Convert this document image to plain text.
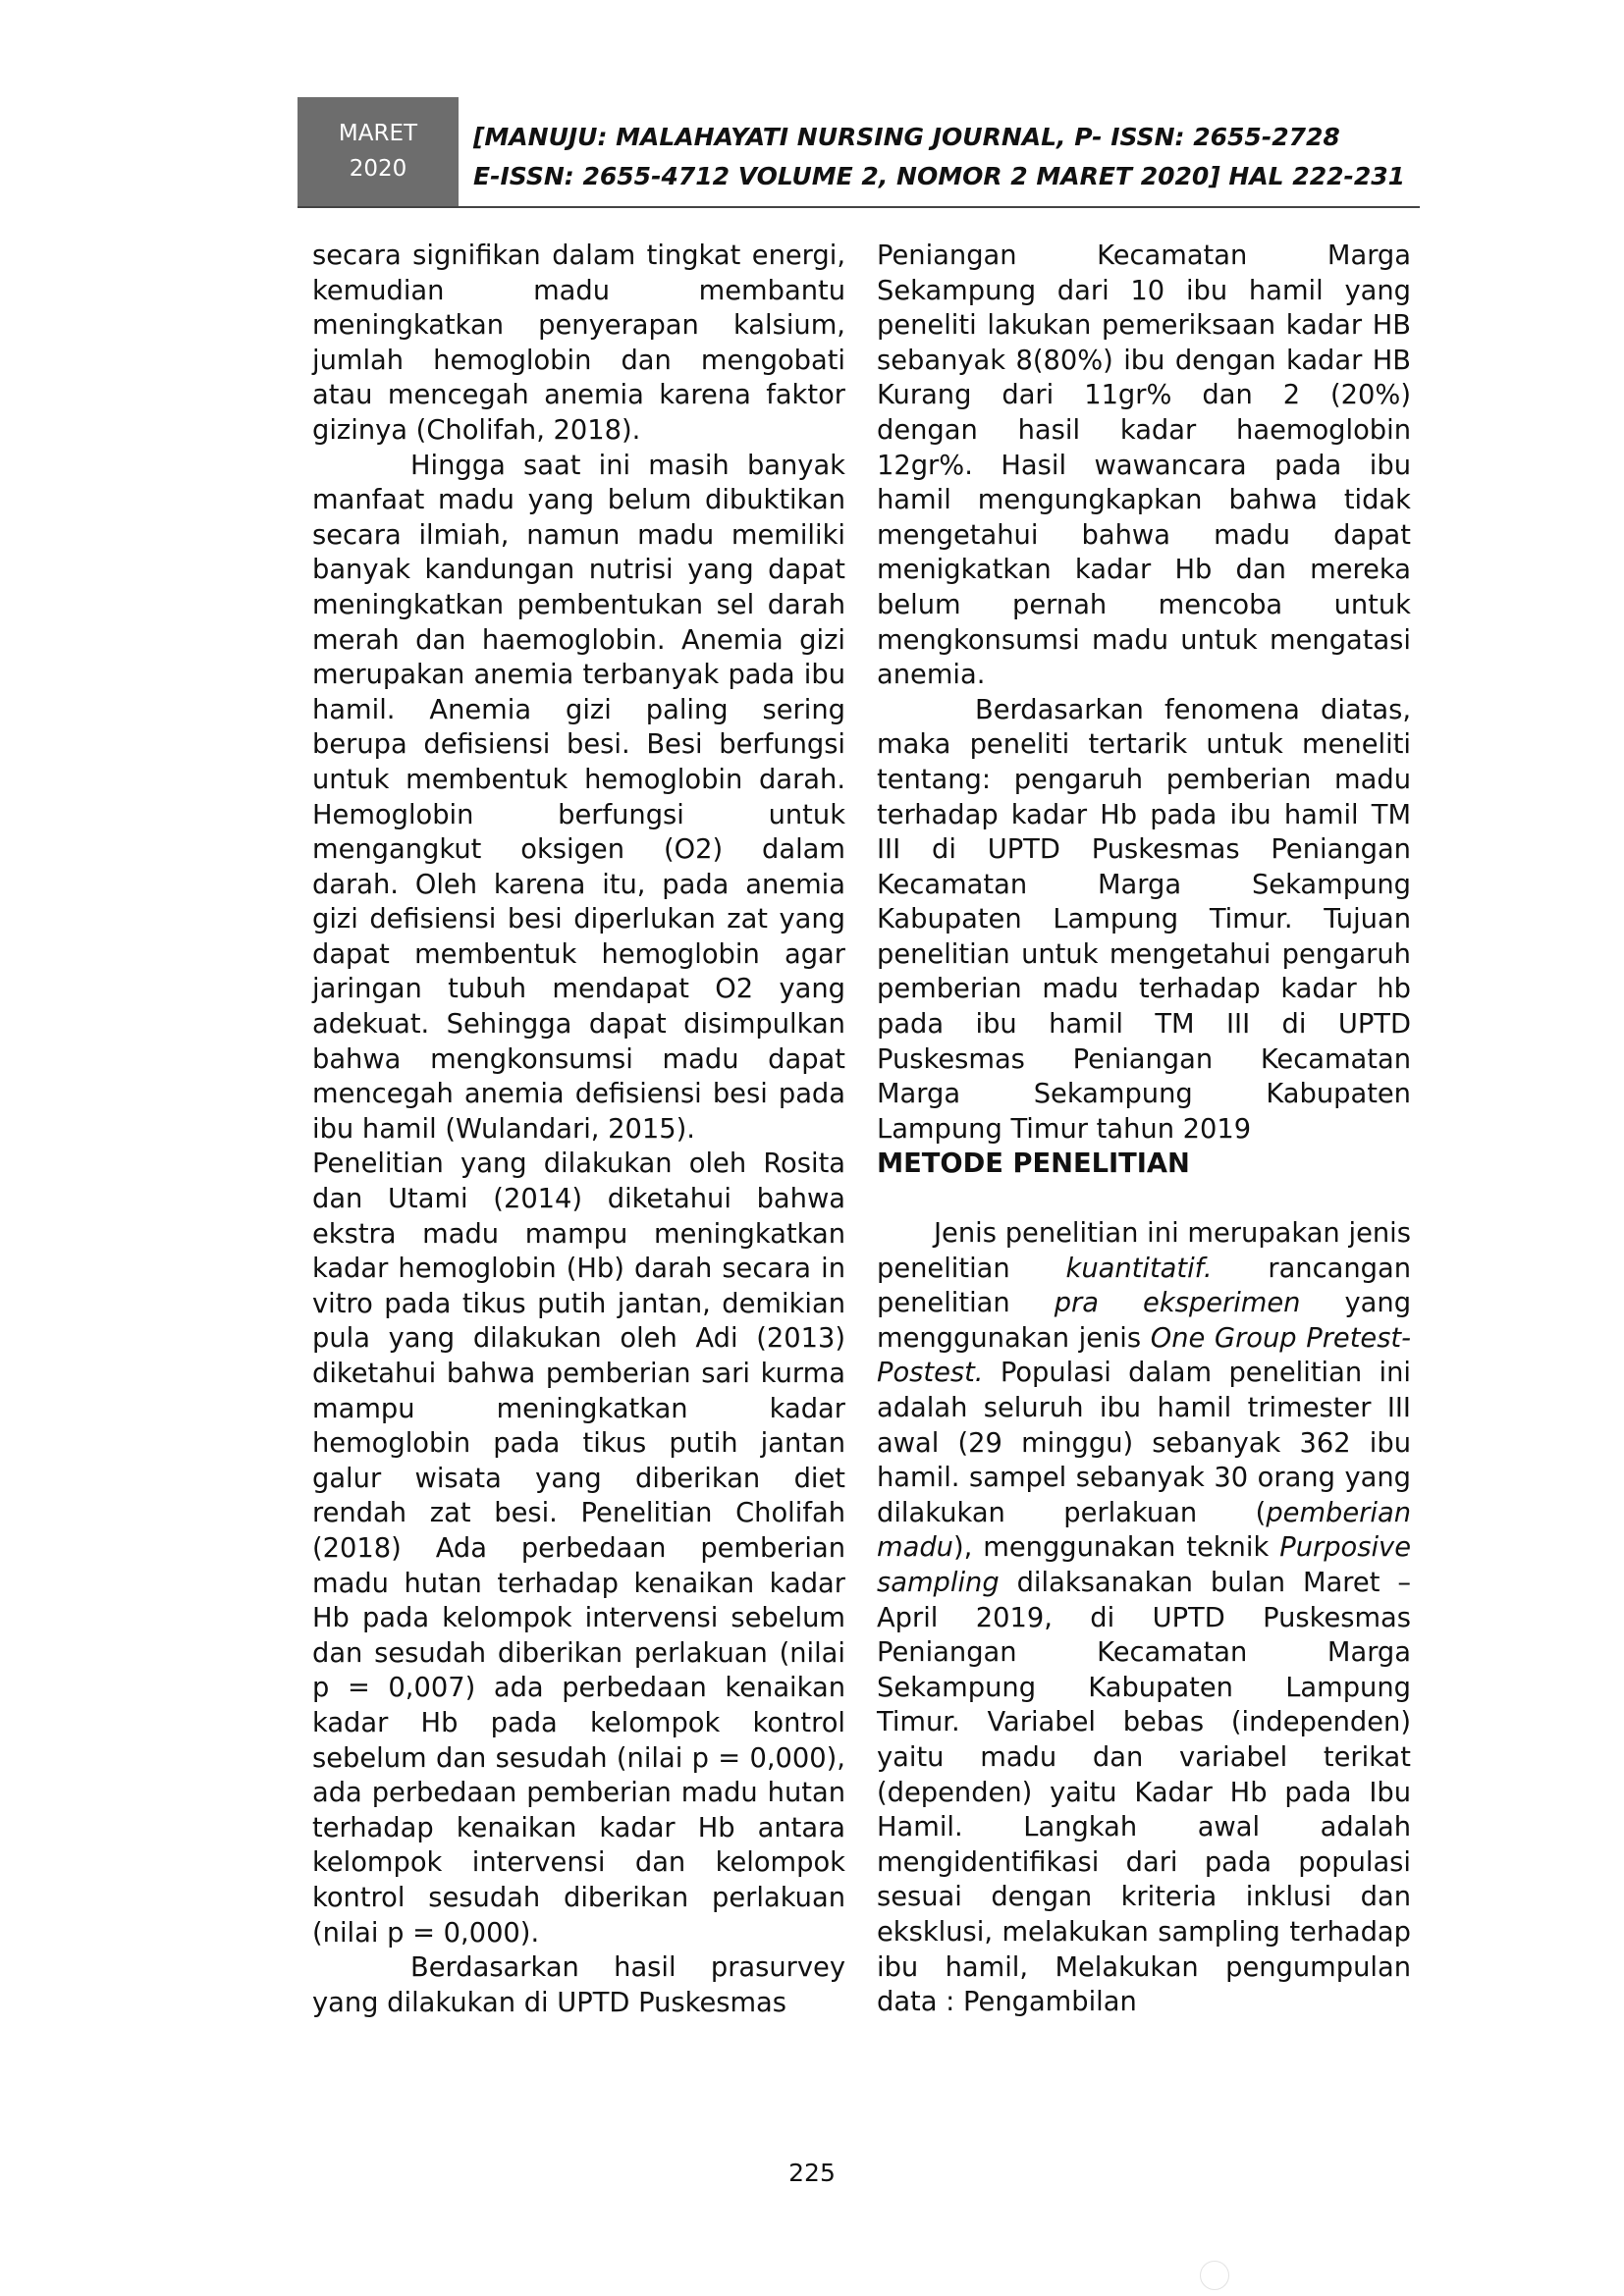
MARET
2020
[MANUJU: MALAHAYATI NURSING JOURNAL, P- ISSN: 2655-2728
E-ISSN: 2655-4712 VOLUME 2, NOMOR 2 MARET 2020] HAL 222-231

secara signifikan dalam tingkat energi, kemudian madu membantu meningkatkan penyerapan kalsium, jumlah hemoglobin dan mengobati atau mencegah anemia karena faktor gizinya (Cholifah, 2018).

Hingga saat ini masih banyak manfaat madu yang belum dibuktikan secara ilmiah, namun madu memiliki banyak kandungan nutrisi yang dapat meningkatkan pembentukan sel darah merah dan haemoglobin. Anemia gizi merupakan anemia terbanyak pada ibu hamil. Anemia gizi paling sering berupa defisiensi besi. Besi berfungsi untuk membentuk hemoglobin darah. Hemoglobin berfungsi untuk mengangkut oksigen (O2) dalam darah. Oleh karena itu, pada anemia gizi defisiensi besi diperlukan zat yang dapat membentuk hemoglobin agar jaringan tubuh mendapat O2 yang adekuat. Sehingga dapat disimpulkan bahwa mengkonsumsi madu dapat mencegah anemia defisiensi besi pada ibu hamil (Wulandari, 2015).

Penelitian yang dilakukan oleh Rosita dan Utami (2014) diketahui bahwa ekstra madu mampu meningkatkan kadar hemoglobin (Hb) darah secara in vitro pada tikus putih jantan, demikian pula yang dilakukan oleh Adi (2013) diketahui bahwa pemberian sari kurma mampu meningkatkan kadar hemoglobin pada tikus putih jantan galur wisata yang diberikan diet rendah zat besi. Penelitian Cholifah (2018) Ada perbedaan pemberian madu hutan terhadap kenaikan kadar Hb pada kelompok intervensi sebelum dan sesudah diberikan perlakuan (nilai p = 0,007) ada perbedaan kenaikan kadar Hb pada kelompok kontrol sebelum dan sesudah (nilai p = 0,000), ada perbedaan pemberian madu hutan terhadap kenaikan kadar Hb antara kelompok intervensi dan kelompok kontrol sesudah diberikan perlakuan (nilai p = 0,000).

Berdasarkan hasil prasurvey yang dilakukan di UPTD Puskesmas

Peniangan Kecamatan Marga Sekampung dari 10 ibu hamil yang peneliti lakukan pemeriksaan kadar HB sebanyak 8(80%) ibu dengan kadar HB Kurang dari 11gr% dan 2 (20%) dengan hasil kadar haemoglobin 12gr%. Hasil wawancara pada ibu hamil mengungkapkan bahwa tidak mengetahui bahwa madu dapat menigkatkan kadar Hb dan mereka belum pernah mencoba untuk mengkonsumsi madu untuk mengatasi anemia.

Berdasarkan fenomena diatas, maka peneliti tertarik untuk meneliti tentang: pengaruh pemberian madu terhadap kadar Hb pada ibu hamil TM III di UPTD Puskesmas Peniangan Kecamatan Marga Sekampung Kabupaten Lampung Timur. Tujuan penelitian untuk mengetahui pengaruh pemberian madu terhadap kadar hb pada ibu hamil TM III di UPTD Puskesmas Peniangan Kecamatan Marga Sekampung Kabupaten Lampung Timur tahun 2019

METODE PENELITIAN

Jenis penelitian ini merupakan jenis penelitian kuantitatif. rancangan penelitian pra eksperimen yang menggunakan jenis One Group Pretest-Postest. Populasi dalam penelitian ini adalah seluruh ibu hamil trimester III awal (29 minggu) sebanyak 362 ibu hamil. sampel sebanyak 30 orang yang dilakukan perlakuan (pemberian madu), menggunakan teknik Purposive sampling dilaksanakan bulan Maret – April 2019, di UPTD Puskesmas Peniangan Kecamatan Marga Sekampung Kabupaten Lampung Timur. Variabel bebas (independen) yaitu madu dan variabel terikat (dependen) yaitu Kadar Hb pada Ibu Hamil. Langkah awal adalah mengidentifikasi dari pada populasi sesuai dengan kriteria inklusi dan eksklusi, melakukan sampling terhadap ibu hamil, Melakukan pengumpulan data : Pengambilan

225
